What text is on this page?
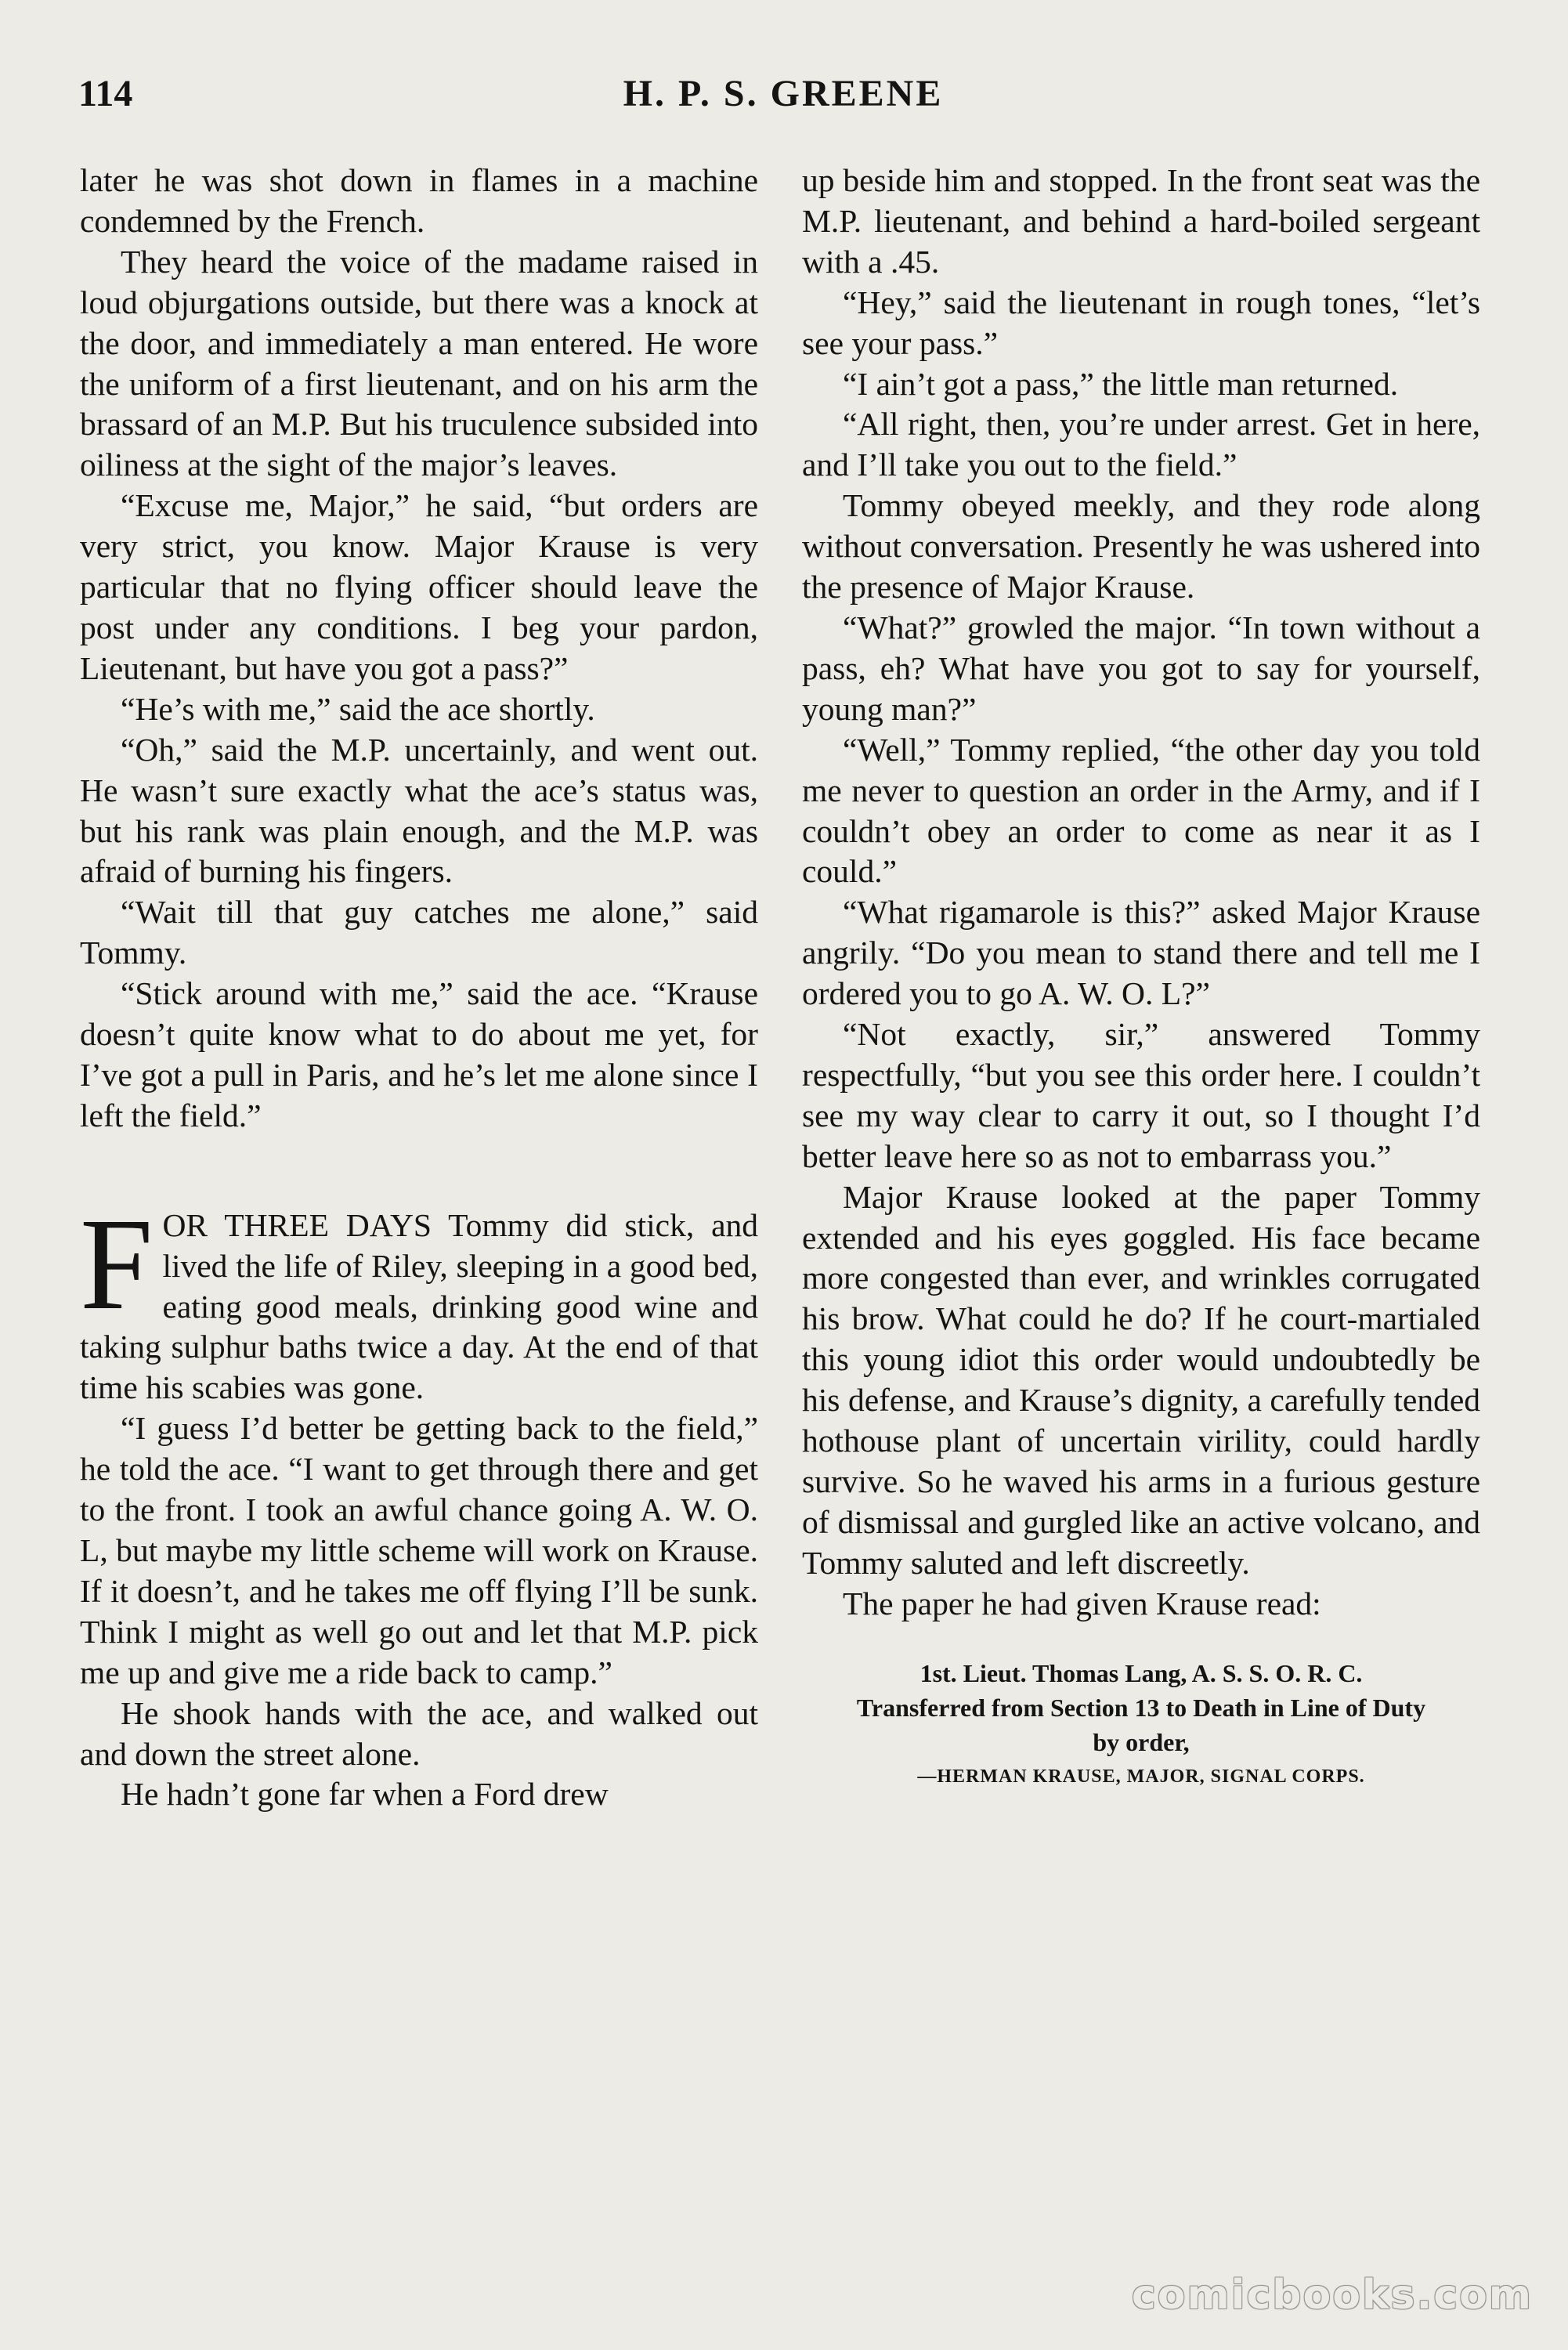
114	H. P. S. GREENE

later he was shot down in flames in a machine condemned by the French.

They heard the voice of the madame raised in loud objurgations outside, but there was a knock at the door, and immediately a man entered. He wore the uniform of a first lieutenant, and on his arm the brassard of an M.P. But his truculence subsided into oiliness at the sight of the major’s leaves.

“Excuse me, Major,” he said, “but orders are very strict, you know. Major Krause is very particular that no flying officer should leave the post under any conditions. I beg your pardon, Lieutenant, but have you got a pass?”

“He’s with me,” said the ace shortly.

“Oh,” said the M.P. uncertainly, and went out. He wasn’t sure exactly what the ace’s status was, but his rank was plain enough, and the M.P. was afraid of burning his fingers.

“Wait till that guy catches me alone,” said Tommy.

“Stick around with me,” said the ace. “Krause doesn’t quite know what to do about me yet, for I’ve got a pull in Paris, and he’s let me alone since I left the field.”

FOR THREE DAYS Tommy did stick, and lived the life of Riley, sleeping in a good bed, eating good meals, drinking good wine and taking sulphur baths twice a day. At the end of that time his scabies was gone.

“I guess I’d better be getting back to the field,” he told the ace. “I want to get through there and get to the front. I took an awful chance going A. W. O. L, but maybe my little scheme will work on Krause. If it doesn’t, and he takes me off flying I’ll be sunk. Think I might as well go out and let that M.P. pick me up and give me a ride back to camp.”

He shook hands with the ace, and walked out and down the street alone.

He hadn’t gone far when a Ford drew

up beside him and stopped. In the front seat was the M.P. lieutenant, and behind a hard-boiled sergeant with a .45.

“Hey,” said the lieutenant in rough tones, “let’s see your pass.”

“I ain’t got a pass,” the little man returned.

“All right, then, you’re under arrest. Get in here, and I’ll take you out to the field.”

Tommy obeyed meekly, and they rode along without conversation. Presently he was ushered into the presence of Major Krause.

“What?” growled the major. “In town without a pass, eh? What have you got to say for yourself, young man?”

“Well,” Tommy replied, “the other day you told me never to question an order in the Army, and if I couldn’t obey an order to come as near it as I could.”

“What rigamarole is this?” asked Major Krause angrily. “Do you mean to stand there and tell me I ordered you to go A. W. O. L?”

“Not exactly, sir,” answered Tommy respectfully, “but you see this order here. I couldn’t see my way clear to carry it out, so I thought I’d better leave here so as not to embarrass you.”

Major Krause looked at the paper Tommy extended and his eyes goggled. His face became more congested than ever, and wrinkles corrugated his brow. What could he do? If he court-martialed this young idiot this order would undoubtedly be his defense, and Krause’s dignity, a carefully tended hothouse plant of uncertain virility, could hardly survive. So he waved his arms in a furious gesture of dismissal and gurgled like an active volcano, and Tommy saluted and left discreetly.

The paper he had given Krause read:

1st. Lieut. Thomas Lang, A. S. S. O. R. C.
Transferred from Section 13 to Death in Line of Duty
by order,
—HERMAN KRAUSE, MAJOR, SIGNAL CORPS.
comicbooks.com
